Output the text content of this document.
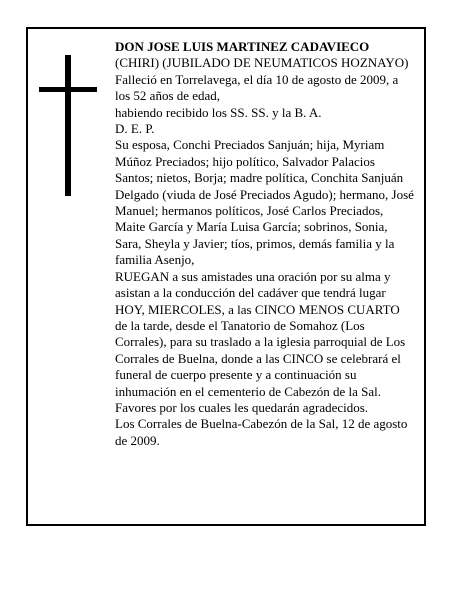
DON JOSE LUIS MARTINEZ CADAVIECO
(CHIRI) (JUBILADO DE NEUMATICOS HOZNAYO)
Falleció en Torrelavega, el día 10 de agosto de 2009, a los 52 años de edad,
habiendo recibido los SS. SS. y la B. A.
D. E. P.
Su esposa, Conchi Preciados Sanjuán; hija, Myriam Múñoz Preciados; hijo político, Salvador Palacios Santos; nietos, Borja; madre política, Conchita Sanjuán Delgado (viuda de José Preciados Agudo); hermano, José Manuel; hermanos políticos, José Carlos Preciados, Maite García y María Luisa García; sobrinos, Sonia, Sara, Sheyla y Javier; tíos, primos, demás familia y la familia Asenjo,
RUEGAN a sus amistades una oración por su alma y asistan a la conducción del cadáver que tendrá lugar HOY, MIERCOLES, a las CINCO MENOS CUARTO de la tarde, desde el Tanatorio de Somahoz (Los Corrales), para su traslado a la iglesia parroquial de Los Corrales de Buelna, donde a las CINCO se celebrará el funeral de cuerpo presente y a continuación su inhumación en el cementerio de Cabezón de la Sal.
Favores por los cuales les quedarán agradecidos.
Los Corrales de Buelna-Cabezón de la Sal, 12 de agosto de 2009.
